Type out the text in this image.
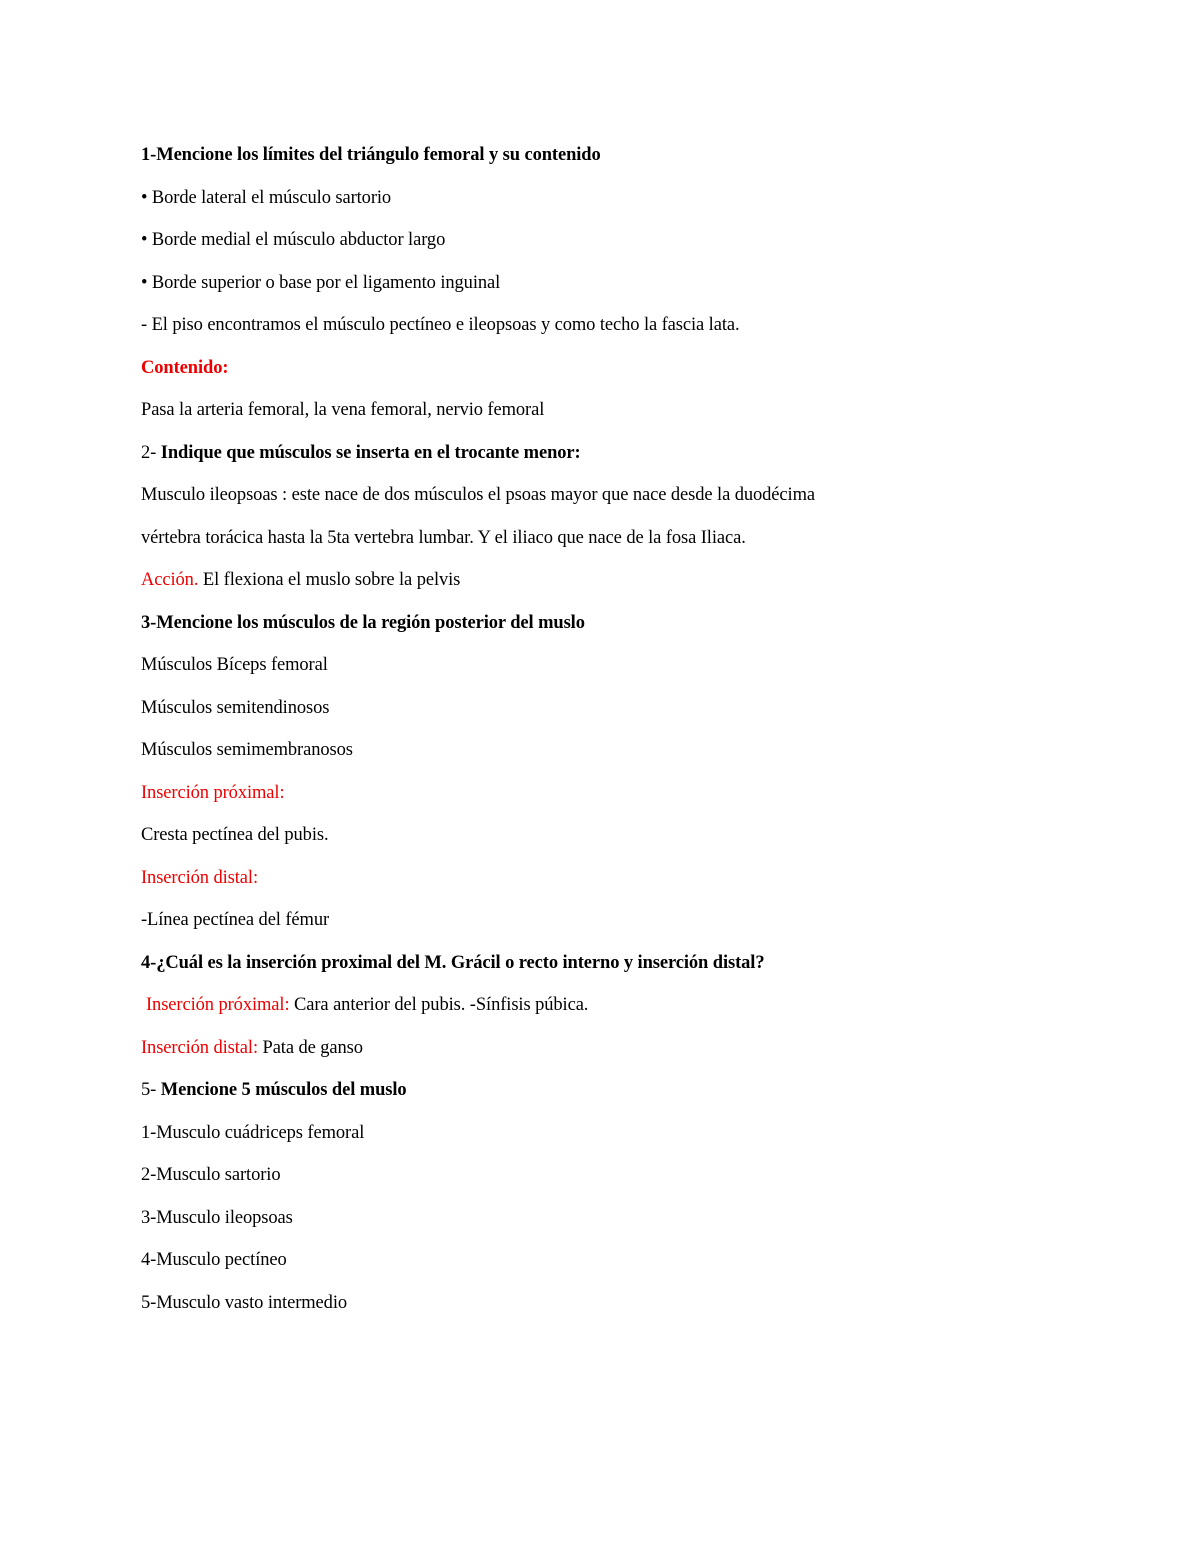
1-Mencione los límites del triángulo femoral y su contenido
• Borde lateral el músculo sartorio
• Borde medial el músculo abductor largo
• Borde superior o base por el ligamento inguinal
- El piso encontramos el músculo pectíneo e ileopsoas y como techo la fascia lata.
Contenido:
Pasa la arteria femoral, la vena femoral, nervio femoral
2- Indique que músculos se inserta en el trocante menor:
Musculo ileopsoas : este nace de dos músculos el psoas mayor que nace desde la duodécima
vértebra torácica hasta la 5ta vertebra lumbar. Y el iliaco que nace de la fosa Iliaca.
Acción. El flexiona el muslo sobre la pelvis
3-Mencione los músculos de la región posterior del muslo
Músculos Bíceps femoral
Músculos semitendinosos
Músculos semimembranosos
Inserción próximal:
Cresta pectínea del pubis.
Inserción distal:
-Línea pectínea del fémur
4-¿Cuál es la inserción proximal del M. Grácil o recto interno y inserción distal?
Inserción próximal: Cara anterior del pubis. -Sínfisis púbica.
Inserción distal: Pata de ganso
5- Mencione 5 músculos del muslo
1-Musculo cuádriceps femoral
2-Musculo sartorio
3-Musculo ileopsoas
4-Musculo pectíneo
5-Musculo vasto intermedio
